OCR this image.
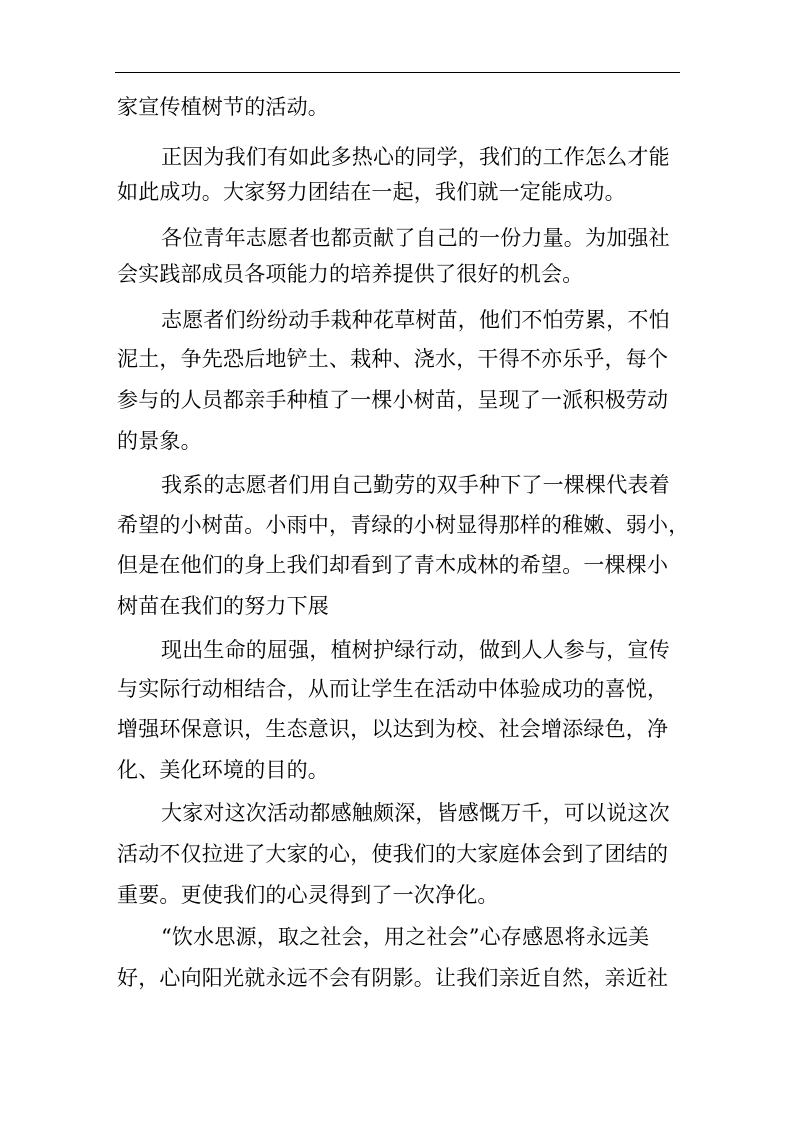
家宣传植树节的活动。
正因为我们有如此多热心的同学，我们的工作怎么才能
如此成功。大家努力团结在一起，我们就一定能成功。
各位青年志愿者也都贡献了自己的一份力量。为加强社
会实践部成员各项能力的培养提供了很好的机会。
志愿者们纷纷动手栽种花草树苗，他们不怕劳累，不怕
泥土，争先恐后地铲土、栽种、浇水，干得不亦乐乎，每个
参与的人员都亲手种植了一棵小树苗，呈现了一派积极劳动
的景象。
我系的志愿者们用自己勤劳的双手种下了一棵棵代表着
希望的小树苗。小雨中，青绿的小树显得那样的稚嫩、弱小，
但是在他们的身上我们却看到了青木成林的希望。一棵棵小
树苗在我们的努力下展
现出生命的屈强，植树护绿行动，做到人人参与，宣传
与实际行动相结合，从而让学生在活动中体验成功的喜悦，
增强环保意识，生态意识，以达到为校、社会增添绿色，净
化、美化环境的目的。
大家对这次活动都感触颇深，皆感慨万千，可以说这次
活动不仅拉进了大家的心，使我们的大家庭体会到了团结的
重要。更使我们的心灵得到了一次净化。
“饮水思源，取之社会，用之社会”心存感恩将永远美
好，心向阳光就永远不会有阴影。让我们亲近自然，亲近社
